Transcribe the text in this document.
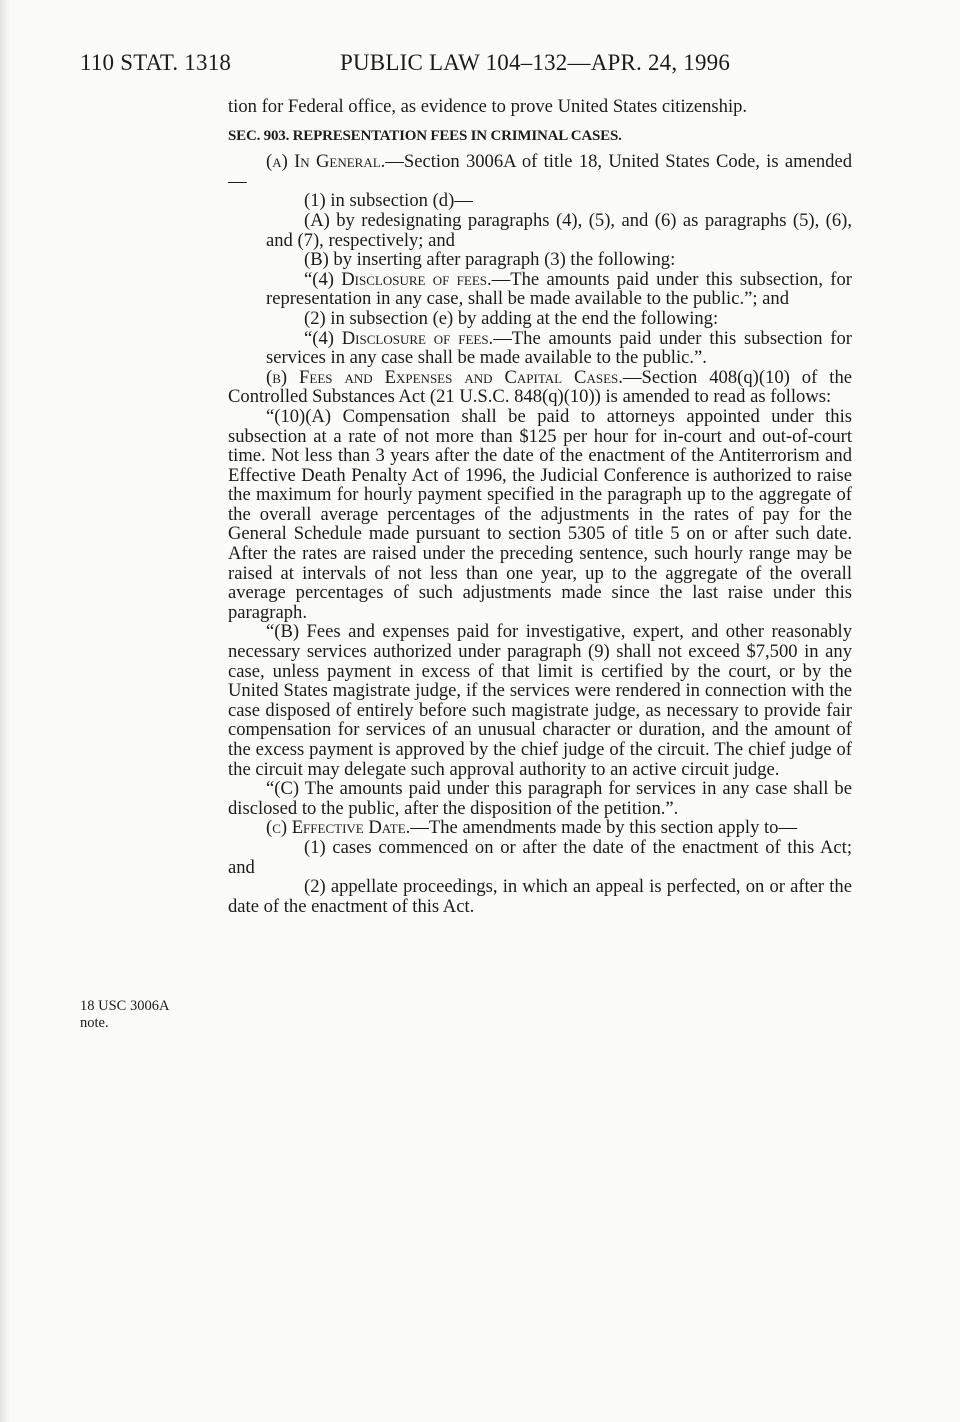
110 STAT. 1318	PUBLIC LAW 104–132—APR. 24, 1996
18 USC 3006A
note.

tion for Federal office, as evidence to prove United States citizenship.

SEC. 903. REPRESENTATION FEES IN CRIMINAL CASES.

(a) In General.—Section 3006A of title 18, United States Code, is amended—

(1) in subsection (d)—

(A) by redesignating paragraphs (4), (5), and (6) as paragraphs (5), (6), and (7), respectively; and

(B) by inserting after paragraph (3) the following:

“(4) Disclosure of fees.—The amounts paid under this subsection, for representation in any case, shall be made available to the public.”; and

(2) in subsection (e) by adding at the end the following:

“(4) Disclosure of fees.—The amounts paid under this subsection for services in any case shall be made available to the public.”.

(b) Fees and Expenses and Capital Cases.—Section 408(q)(10) of the Controlled Substances Act (21 U.S.C. 848(q)(10)) is amended to read as follows:

“(10)(A) Compensation shall be paid to attorneys appointed under this subsection at a rate of not more than $125 per hour for in-court and out-of-court time. Not less than 3 years after the date of the enactment of the Antiterrorism and Effective Death Penalty Act of 1996, the Judicial Conference is authorized to raise the maximum for hourly payment specified in the paragraph up to the aggregate of the overall average percentages of the adjustments in the rates of pay for the General Schedule made pursuant to section 5305 of title 5 on or after such date. After the rates are raised under the preceding sentence, such hourly range may be raised at intervals of not less than one year, up to the aggregate of the overall average percentages of such adjustments made since the last raise under this paragraph.

“(B) Fees and expenses paid for investigative, expert, and other reasonably necessary services authorized under paragraph (9) shall not exceed $7,500 in any case, unless payment in excess of that limit is certified by the court, or by the United States magistrate judge, if the services were rendered in connection with the case disposed of entirely before such magistrate judge, as necessary to provide fair compensation for services of an unusual character or duration, and the amount of the excess payment is approved by the chief judge of the circuit. The chief judge of the circuit may delegate such approval authority to an active circuit judge.

“(C) The amounts paid under this paragraph for services in any case shall be disclosed to the public, after the disposition of the petition.”.

(c) Effective Date.—The amendments made by this section apply to—

(1) cases commenced on or after the date of the enactment of this Act; and

(2) appellate proceedings, in which an appeal is perfected, on or after the date of the enactment of this Act.
